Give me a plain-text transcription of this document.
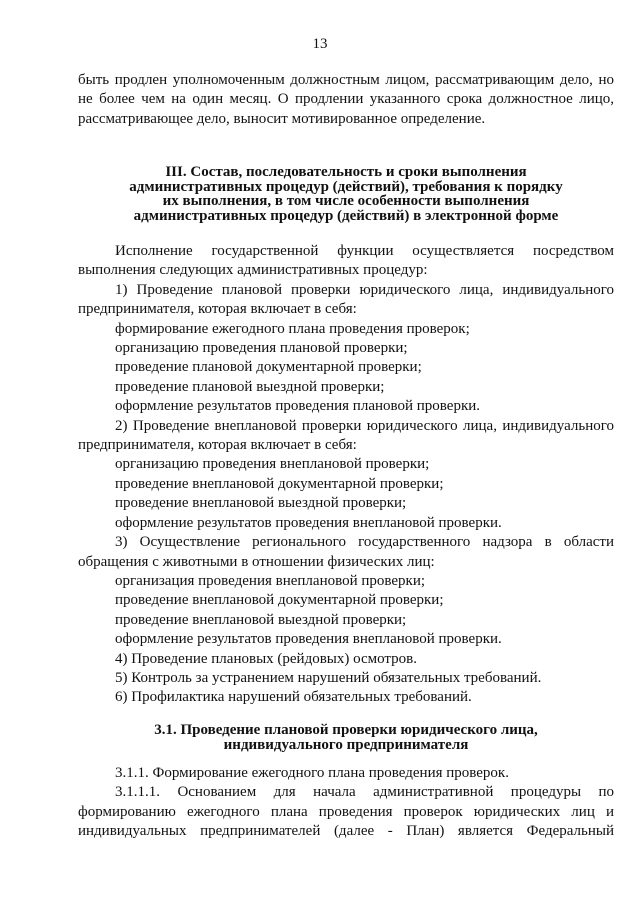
13

быть продлен уполномоченным должностным лицом, рассматривающим дело, но не более чем на один месяц. О продлении указанного срока должностное лицо, рассматривающее дело, выносит мотивированное определение.

III. Состав, последовательность и сроки выполнения

административных процедур (действий), требования к порядку

их выполнения, в том числе особенности выполнения

административных процедур (действий) в электронной форме

Исполнение государственной функции осуществляется посредством выполнения следующих административных процедур:

1) Проведение плановой проверки юридического лица, индивидуального предпринимателя, которая включает в себя:

формирование ежегодного плана проведения проверок;

организацию проведения плановой проверки;

проведение плановой документарной проверки;

проведение плановой выездной проверки;

оформление результатов проведения плановой проверки.

2) Проведение внеплановой проверки юридического лица, индивидуального предпринимателя, которая включает в себя:

организацию проведения внеплановой проверки;

проведение внеплановой документарной проверки;

проведение внеплановой выездной проверки;

оформление результатов проведения внеплановой проверки.

3) Осуществление регионального государственного надзора в области обращения с животными в отношении физических лиц:

организация проведения внеплановой проверки;

проведение внеплановой документарной проверки;

проведение внеплановой выездной проверки;

оформление результатов проведения внеплановой проверки.

4) Проведение плановых (рейдовых) осмотров.

5) Контроль за устранением нарушений обязательных требований.

6) Профилактика нарушений обязательных требований.

3.1. Проведение плановой проверки юридического лица,

индивидуального предпринимателя

3.1.1. Формирование ежегодного плана проведения проверок.

3.1.1.1. Основанием для начала административной процедуры по формированию ежегодного плана проведения проверок юридических лиц и индивидуальных предпринимателей (далее - План) является Федеральный
